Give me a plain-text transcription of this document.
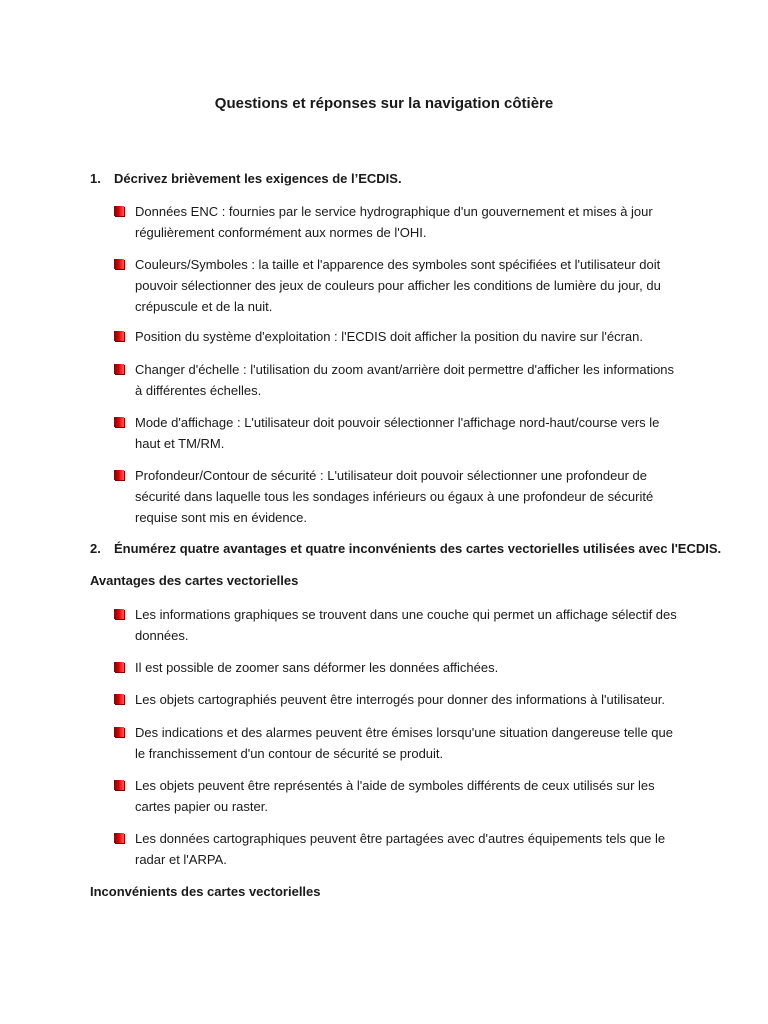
Questions et réponses sur la navigation côtière
1. Décrivez brièvement les exigences de l’ECDIS.
Données ENC : fournies par le service hydrographique d'un gouvernement et mises à jour régulièrement conformément aux normes de l'OHI.
Couleurs/Symboles : la taille et l'apparence des symboles sont spécifiées et l'utilisateur doit pouvoir sélectionner des jeux de couleurs pour afficher les conditions de lumière du jour, du crépuscule et de la nuit.
Position du système d'exploitation : l'ECDIS doit afficher la position du navire sur l'écran.
Changer d'échelle : l'utilisation du zoom avant/arrière doit permettre d'afficher les informations à différentes échelles.
Mode d'affichage : L'utilisateur doit pouvoir sélectionner l'affichage nord-haut/course vers le haut et TM/RM.
Profondeur/Contour de sécurité : L'utilisateur doit pouvoir sélectionner une profondeur de sécurité dans laquelle tous les sondages inférieurs ou égaux à une profondeur de sécurité requise sont mis en évidence.
2. Énumérez quatre avantages et quatre inconvénients des cartes vectorielles utilisées avec l'ECDIS.
Avantages des cartes vectorielles
Les informations graphiques se trouvent dans une couche qui permet un affichage sélectif des données.
Il est possible de zoomer sans déformer les données affichées.
Les objets cartographiés peuvent être interrogés pour donner des informations à l'utilisateur.
Des indications et des alarmes peuvent être émises lorsqu'une situation dangereuse telle que le franchissement d'un contour de sécurité se produit.
Les objets peuvent être représentés à l'aide de symboles différents de ceux utilisés sur les cartes papier ou raster.
Les données cartographiques peuvent être partagées avec d'autres équipements tels que le radar et l'ARPA.
Inconvénients des cartes vectorielles
